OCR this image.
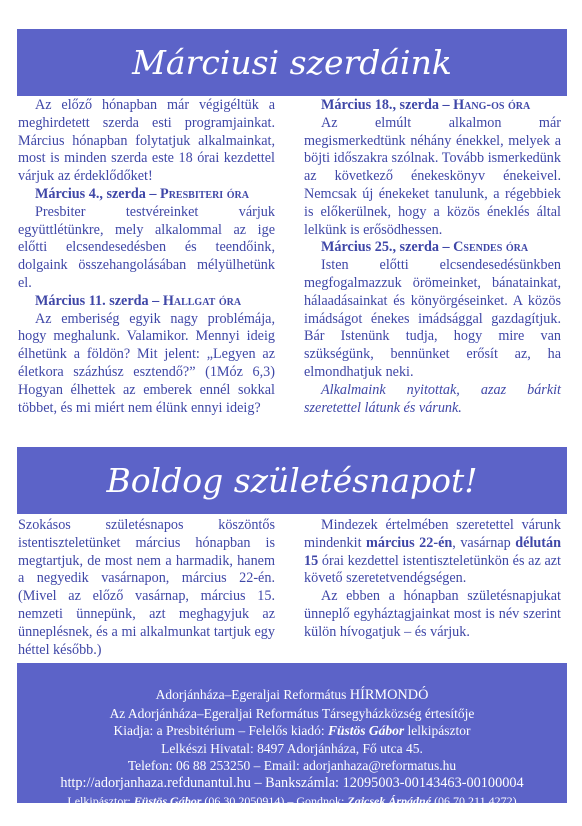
Márciusi szerdáink

Az előző hónapban már végigéltük a meghirdetett szerda esti programjainkat. Március hónapban folytatjuk alkalmainkat, most is minden szerda este 18 órai kezdettel várjuk az érdeklődőket!

Március 4., szerda – Presbiteri óra

Presbiter testvéreinket várjuk együttlétünkre, mely alkalommal az ige előtti elcsendesedésben és teendőink, dolgaink összehangolásában mélyülhetünk el.

Március 11. szerda – Hallgat óra

Az emberiség egyik nagy problémája, hogy meghalunk. Valamikor. Mennyi ideig élhetünk a földön? Mit jelent: „Legyen az életkora százhúsz esztendő?” (1Móz 6,3) Hogyan élhettek az emberek ennél sokkal többet, és mi miért nem élünk ennyi ideig?

Március 18., szerda – Hang-os óra

Az elmúlt alkalmon már megismerkedtünk néhány énekkel, melyek a böjti időszakra szólnak. Tovább ismerkedünk az következő énekeskönyv énekeivel. Nemcsak új énekeket tanulunk, a régebbiek is előkerülnek, hogy a közös éneklés által lelkünk is erősödhessen.

Március 25., szerda – Csendes óra

Isten előtti elcsendesedésünkben megfogalmazzuk örömeinket, bánatainkat, hálaadásainkat és könyörgéseinket. A közös imádságot énekes imádsággal gazdagítjuk. Bár Istenünk tudja, hogy mire van szükségünk, bennünket erősít az, ha elmondhatjuk neki.

Alkalmaink nyitottak, azaz bárkit szeretettel látunk és várunk.

Boldog születésnapot!

Szokásos születésnapos köszöntős istentiszteletünket március hónapban is megtartjuk, de most nem a harmadik, hanem a negyedik vasárnapon, március 22-én. (Mivel az előző vasárnap, március 15. nemzeti ünnepünk, azt meghagyjuk az ünneplésnek, és a mi alkalmunkat tartjuk egy héttel később.)

Mindezek értelmében szeretettel várunk mindenkit március 22-én, vasárnap délután 15 órai kezdettel istentiszteletünkön és az azt követő szeretetvendégségen.

Az ebben a hónapban születésnapjukat ünneplő egyháztagjainkat most is név szerint külön hívogatjuk – és várjuk.

Adorjánháza–Egeraljai Református HÍRMONDÓ
Az Adorjánháza–Egeraljai Református Társegyházközség értesítője
Kiadja: a Presbitérium – Felelős kiadó: Füstös Gábor lelkipásztor
Lelkészi Hivatal: 8497 Adorjánháza, Fő utca 45.
Telefon: 06 88 253250 – Email: adorjanhaza@reformatus.hu
http://adorjanhaza.refdunantul.hu – Bankszámla: 12095003-00143463-00100004
Lelkipásztor: Füstös Gábor (06 30 2050914) – Gondnok: Zajcsek Árpádné (06 70 211 4272)
